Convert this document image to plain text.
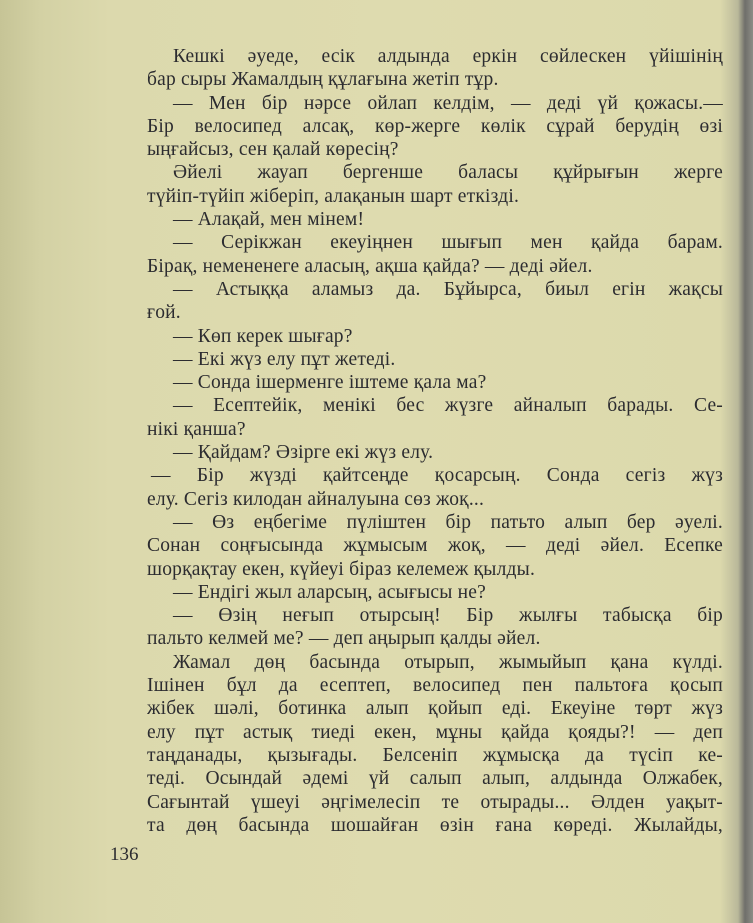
Кешкі әуеде, есік алдында еркін сөйлескен үйішінің
бар сыры Жамалдың құлағына жетіп тұр.
— Мен бір нәрсе ойлап келдім, — деді үй қожасы.—
Бір велосипед алсақ, көр-жерге көлік сұрай берудің өзі
ыңғайсыз, сен қалай көресің?
Әйелі жауап бергенше баласы құйрығын жерге
түйіп-түйіп жіберіп, алақанын шарт еткізді.
— Алақай, мен мінем!
— Серікжан екеуіңнен шығып мен қайда барам.
Бірақ, немененеге аласың, ақша қайда? — деді әйел.
— Астыққа аламыз да. Бұйырса, биыл егін жақсы
ғой.
— Көп керек шығар?
— Екі жүз елу пұт жетеді.
— Сонда ішерменге іштеме қала ма?
— Есептейік, менікі бес жүзге айналып барады. Се-
нікі қанша?
— Қайдам? Әзірге екі жүз елу.
— Бір жүзді қайтсеңде қосарсың. Сонда сегіз жүз
елу. Сегіз килодан айналуына сөз жоқ...
— Өз еңбегіме пүліштен бір патьто алып бер әуелі.
Сонан соңғысында жұмысым жоқ, — деді әйел. Есепке
шорқақтау екен, күйеуі біраз келемеж қылды.
— Ендігі жыл аларсың, асығысы не?
— Өзің неғып отырсың! Бір жылғы табысқа бір
пальто келмей ме? — деп аңырып қалды әйел.
Жамал дөң басында отырып, жымыйып қана күлді.
Ішінен бұл да есептеп, велосипед пен пальтоға қосып
жібек шәлі, ботинка алып қойып еді. Екеуіне төрт жүз
елу пұт астық тиеді екен, мұны қайда қояды?! — деп
таңданады, қызығады. Белсеніп жұмысқа да түсіп ке-
теді. Осындай әдемі үй салып алып, алдында Олжабек,
Сағынтай үшеуі әңгімелесіп те отырады... Әлден уақыт-
та дөң басында шошайған өзін ғана көреді. Жылайды,
136
